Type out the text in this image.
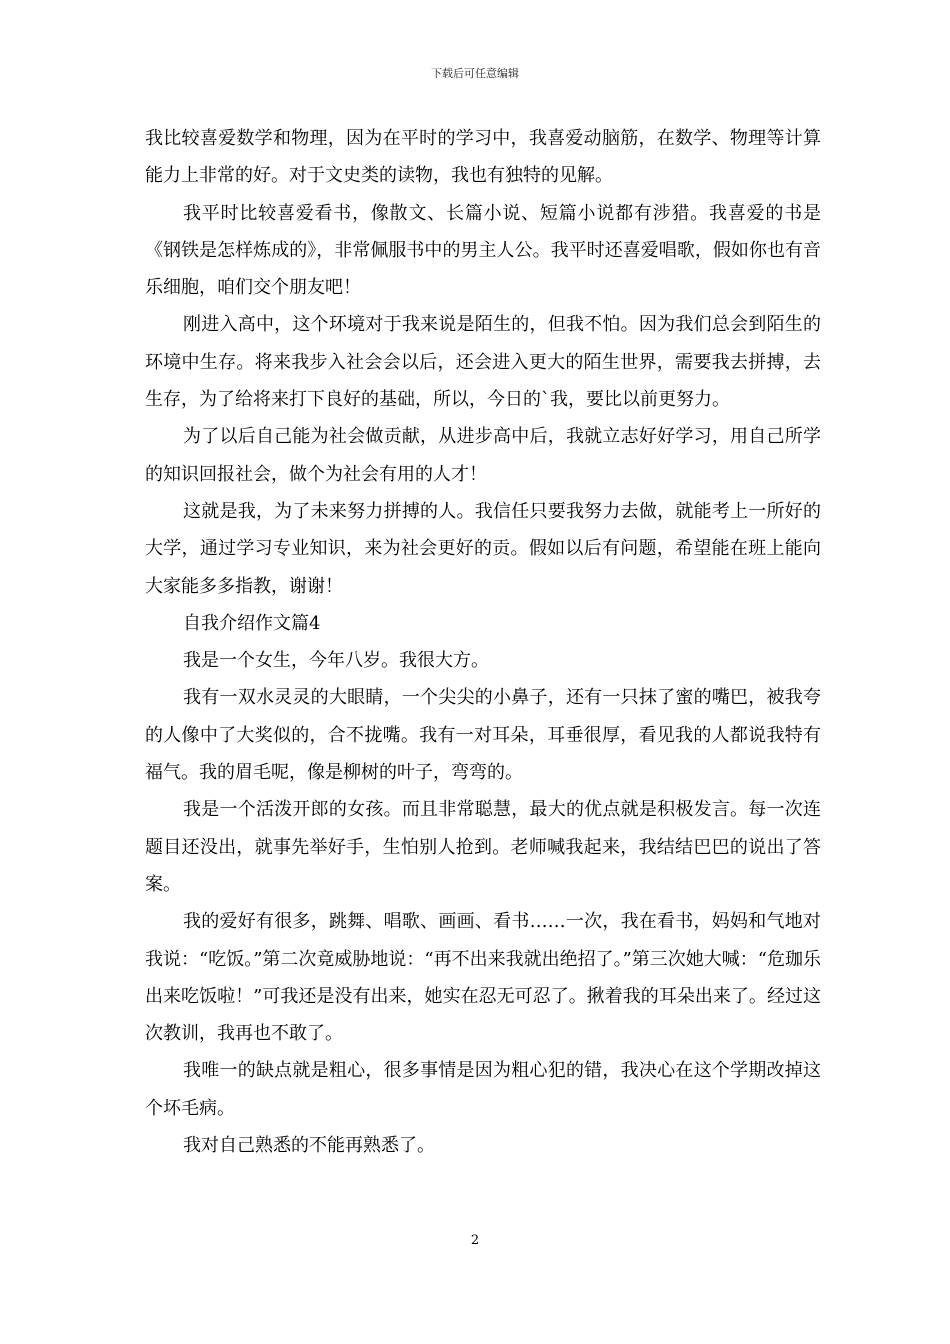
下载后可任意编辑

我比较喜爱数学和物理，因为在平时的学习中，我喜爱动脑筋，在数学、物理等计算能力上非常的好。对于文史类的读物，我也有独特的见解。

我平时比较喜爱看书，像散文、长篇小说、短篇小说都有涉猎。我喜爱的书是《钢铁是怎样炼成的》，非常佩服书中的男主人公。我平时还喜爱唱歌，假如你也有音乐细胞，咱们交个朋友吧！

刚进入高中，这个环境对于我来说是陌生的，但我不怕。因为我们总会到陌生的环境中生存。将来我步入社会会以后，还会进入更大的陌生世界，需要我去拼搏，去生存，为了给将来打下良好的基础，所以，今日的`我，要比以前更努力。

为了以后自己能为社会做贡献，从进步高中后，我就立志好好学习，用自己所学的知识回报社会，做个为社会有用的人才！

这就是我，为了未来努力拼搏的人。我信任只要我努力去做，就能考上一所好的大学，通过学习专业知识，来为社会更好的贡。假如以后有问题，希望能在班上能向大家能多多指教，谢谢！

自我介绍作文篇4

我是一个女生，今年八岁。我很大方。

我有一双水灵灵的大眼睛，一个尖尖的小鼻子，还有一只抹了蜜的嘴巴，被我夸的人像中了大奖似的，合不拢嘴。我有一对耳朵，耳垂很厚，看见我的人都说我特有福气。我的眉毛呢，像是柳树的叶子，弯弯的。

我是一个活泼开郎的女孩。而且非常聪慧，最大的优点就是积极发言。每一次连题目还没出，就事先举好手，生怕别人抢到。老师喊我起来，我结结巴巴的说出了答案。

我的爱好有很多，跳舞、唱歌、画画、看书……一次，我在看书，妈妈和气地对我说：“吃饭。”第二次竟威胁地说：“再不出来我就出绝招了。”第三次她大喊：“危珈乐出来吃饭啦！”可我还是没有出来，她实在忍无可忍了。揪着我的耳朵出来了。经过这次教训，我再也不敢了。

我唯一的缺点就是粗心，很多事情是因为粗心犯的错，我决心在这个学期改掉这个坏毛病。

我对自己熟悉的不能再熟悉了。

2
